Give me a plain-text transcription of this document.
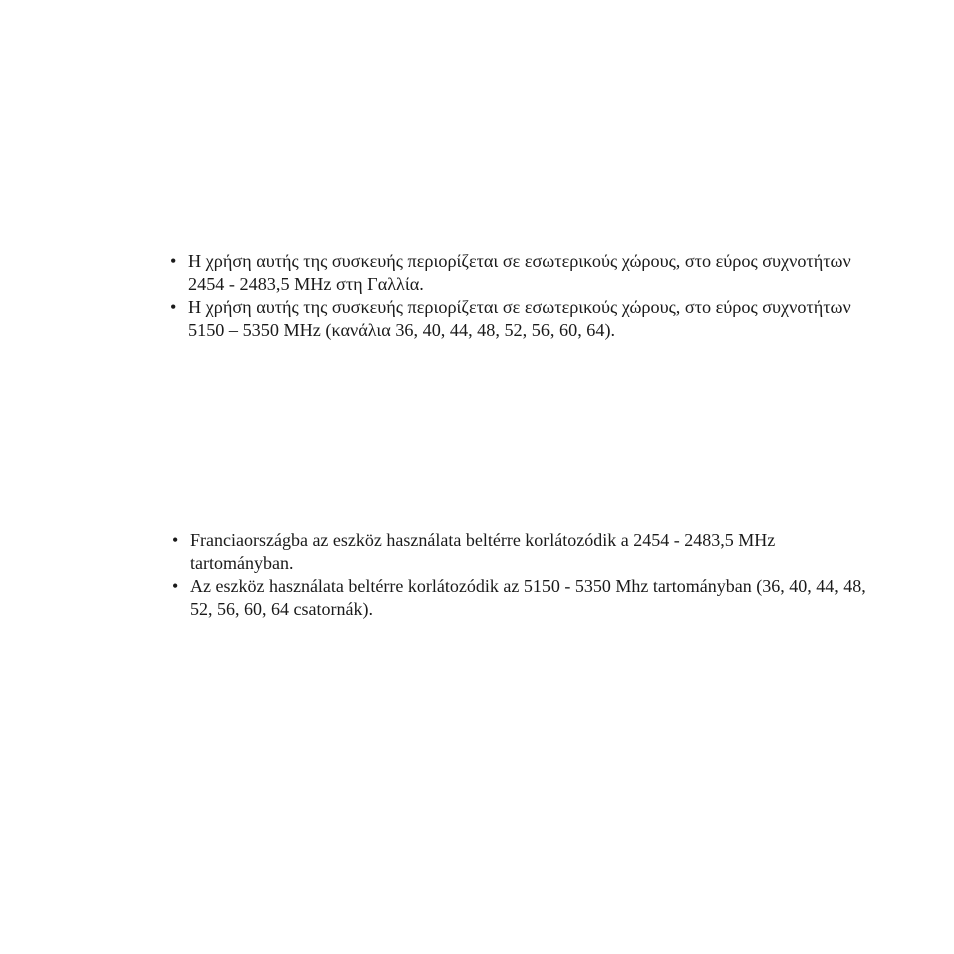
• Η χρήση αυτής της συσκευής περιορίζεται σε εσωτερικούς χώρους, στο εύρος συχνοτήτων 2454 - 2483,5 MHz στη Γαλλία.
• Η χρήση αυτής της συσκευής περιορίζεται σε εσωτερικούς χώρους, στο εύρος συχνοτήτων 5150 – 5350 MHz (κανάλια 36, 40, 44, 48, 52, 56, 60, 64).
• Franciaországba az eszköz használata beltérre korlátozódik a 2454 - 2483,5 MHz tartományban.
• Az eszköz használata beltérre korlátozódik az 5150 - 5350 Mhz tartományban (36, 40, 44, 48, 52, 56, 60, 64 csatornák).
